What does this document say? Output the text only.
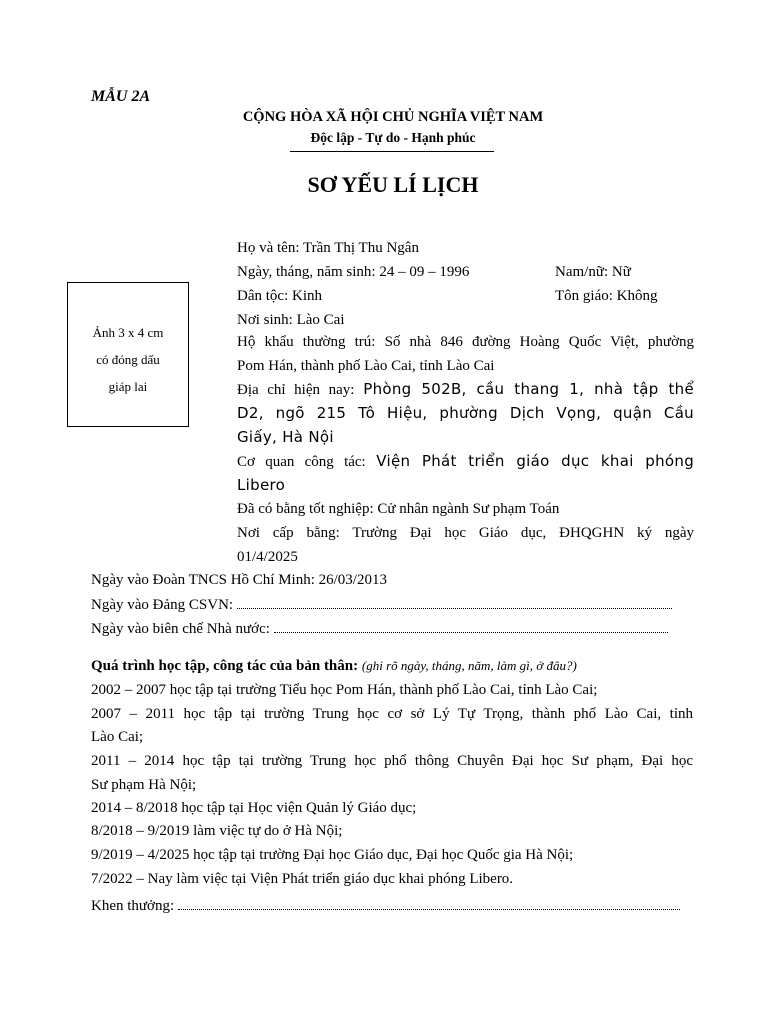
MẪU 2A
CỘNG HÒA XÃ HỘI CHỦ NGHĨA VIỆT NAM
Độc lập - Tự do - Hạnh phúc
SƠ YẾU LÍ LỊCH
Ảnh 3 x 4 cm
có đóng dấu
giáp lai
Họ và tên: Trần Thị Thu Ngân
Ngày, tháng, năm sinh: 24 – 09 – 1996	Nam/nữ: Nữ
Dân tộc: Kinh	Tôn giáo: Không
Nơi sinh: Lào Cai
Hộ khẩu thường trú: Số nhà 846 đường Hoàng Quốc Việt, phường
Pom Hán, thành phố Lào Cai, tỉnh Lào Cai
Địa chỉ hiện nay: Phòng 502B, cầu thang 1, nhà tập thể
D2, ngõ 215 Tô Hiệu, phường Dịch Vọng, quận Cầu
Giấy, Hà Nội
Cơ quan công tác: Viện Phát triển giáo dục khai phóng
Libero
Đã có bằng tốt nghiệp: Cử nhân ngành Sư phạm Toán
Nơi cấp bằng: Trường Đại học Giáo dục, ĐHQGHN ký ngày
01/4/2025
Ngày vào Đoàn TNCS Hồ Chí Minh: 26/03/2013
Ngày vào Đảng CSVN:
Ngày vào biên chế Nhà nước:
Quá trình học tập, công tác của bản thân: (ghi rõ ngày, tháng, năm, làm gì, ở đâu?)
2002 – 2007 học tập tại trường Tiểu học Pom Hán, thành phố Lào Cai, tỉnh Lào Cai;
2007 – 2011 học tập tại trường Trung học cơ sở Lý Tự Trọng, thành phố Lào Cai, tỉnh
Lào Cai;
2011 – 2014 học tập tại trường Trung học phổ thông Chuyên Đại học Sư phạm, Đại học
Sư phạm Hà Nội;
2014 – 8/2018 học tập tại Học viện Quản lý Giáo dục;
8/2018 – 9/2019 làm việc tự do ở Hà Nội;
9/2019 – 4/2025 học tập tại trường Đại học Giáo dục, Đại học Quốc gia Hà Nội;
7/2022 – Nay làm việc tại Viện Phát triển giáo dục khai phóng Libero.
Khen thưởng:
